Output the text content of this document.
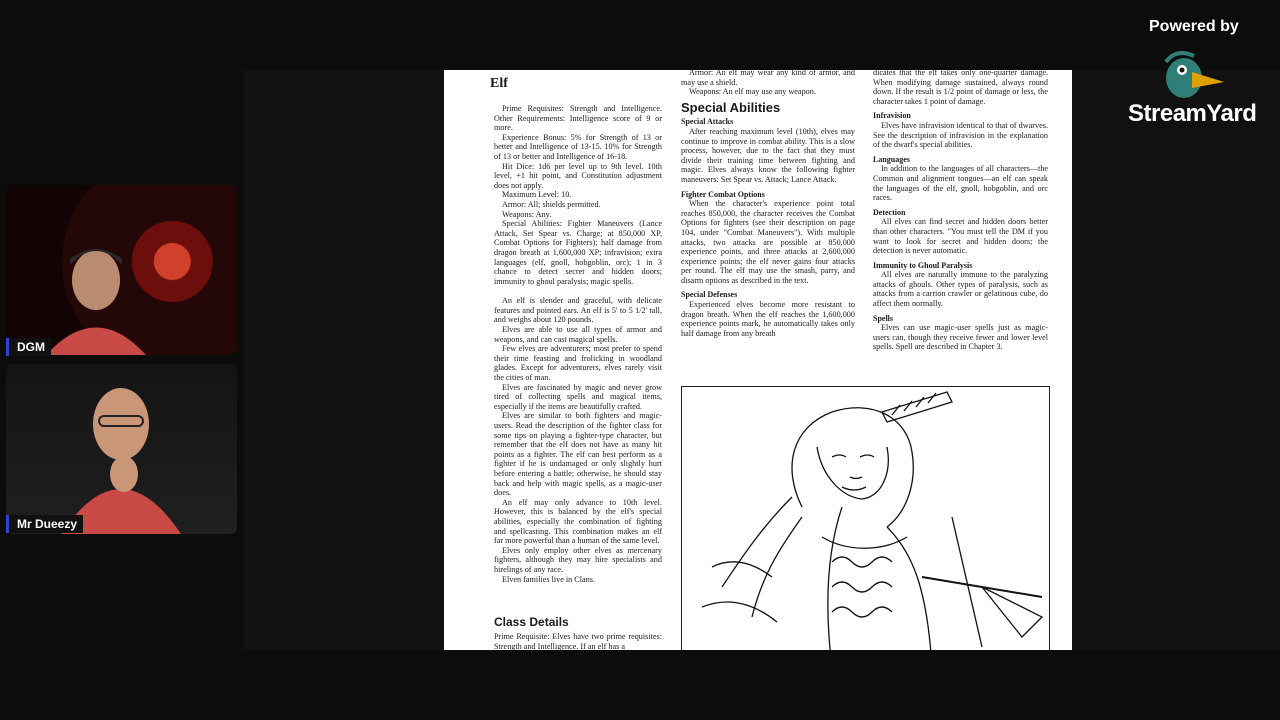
Elf

Prime Requisites: Strength and Intelligence. Other Requirements: Intelligence score of 9 or more.

Experience Bonus: 5% for Strength of 13 or better and Intelligence of 13-15. 10% for Strength of 13 or better and Intelligence of 16-18.

Hit Dice: 1d6 per level up to 9th level. 10th level, +1 hit point, and Constitution adjustment does not apply.

Maximum Level: 10.

Armor: All; shields permitted.

Weapons: Any.

Special Abilities: Fighter Maneuvers (Lance Attack, Set Spear vs. Charge; at 850,000 XP, Combat Options for Fighters); half damage from dragon breath at 1,600,000 XP; infravision; extra languages (elf, gnoll, hobgoblin, orc); 1 in 3 chance to detect secret and hidden doors; immunity to ghoul paralysis; magic spells.

An elf is slender and graceful, with delicate features and pointed ears. An elf is 5' to 5 1/2' tall, and weighs about 120 pounds.

Elves are able to use all types of armor and weapons, and can cast magical spells.

Few elves are adventurers; most prefer to spend their time feasting and frolicking in woodland glades. Except for adventurers, elves rarely visit the cities of man.

Elves are fascinated by magic and never grow tired of collecting spells and magical items, especially if the items are beautifully crafted.

Elves are similar to both fighters and magic-users. Read the description of the fighter class for some tips on playing a fighter-type character, but remember that the elf does not have as many hit points as a fighter. The elf can best perform as a fighter if he is undamaged or only slightly hurt before entering a battle; otherwise, he should stay back and help with magic spells, as a magic-user does.

An elf may only advance to 10th level. However, this is balanced by the elf's special abilities, especially the combination of fighting and spellcasting. This combination makes an elf far more powerful than a human of the same level.

Elves only employ other elves as mercenary fighters, although they may hire specialists and hirelings of any race.

Elven families live in Clans.

Class Details
Prime Requisite: Elves have two prime requisites: Strength and Intelligence. If an elf has a

Armor: An elf may wear any kind of armor, and may use a shield.

Weapons: An elf may use any weapon.

Special Abilities
Special Attacks

After reaching maximum level (10th), elves may continue to improve in combat ability. This is a slow process, however, due to the fact that they must divide their training time between fighting and magic. Elves always know the following fighter maneuvers: Set Spear vs. Attack; Lance Attack.

Fighter Combat Options

When the character's experience point total reaches 850,000, the character receives the Combat Options for fighters (see their description on page 104, under "Combat Maneuvers"). With multiple attacks, two attacks are possible at 850,000 experience points, and three attacks at 2,600,000 experience points; the elf never gains four attacks per round. The elf may use the smash, parry, and disarm options as described in the text.

Special Defenses

Experienced elves become more resistant to dragon breath. When the elf reaches the 1,600,000 experience points mark, he automatically takes only half damage from any breath

dicates that the elf takes only one-quarter damage. When modifying damage sustained, always round down. If the result is 1/2 point of damage or less, the character takes 1 point of damage.

Infravision

Elves have infravision identical to that of dwarves. See the description of infravision in the explanation of the dwarf's special abilities.

Languages

In addition to the languages of all characters—the Common and alignment tongues—an elf can speak the languages of the elf, gnoll, hobgoblin, and orc races.

Detection

All elves can find secret and hidden doors better than other characters. "You must tell the DM if you want to look for secret and hidden doors; the detection is never automatic.

Immunity to Ghoul Paralysis

All elves are naturally immune to the paralyzing attacks of ghouls. Other types of paralysis, such as attacks from a carrion crawler or gelatinous cube, do affect them normally.

Spells

Elves can use magic-user spells just as magic-users can, though they receive fewer and lower level spells. Spell are described in Chapter 3.

DGM
Mr Dueezy
Powered by
StreamYard
